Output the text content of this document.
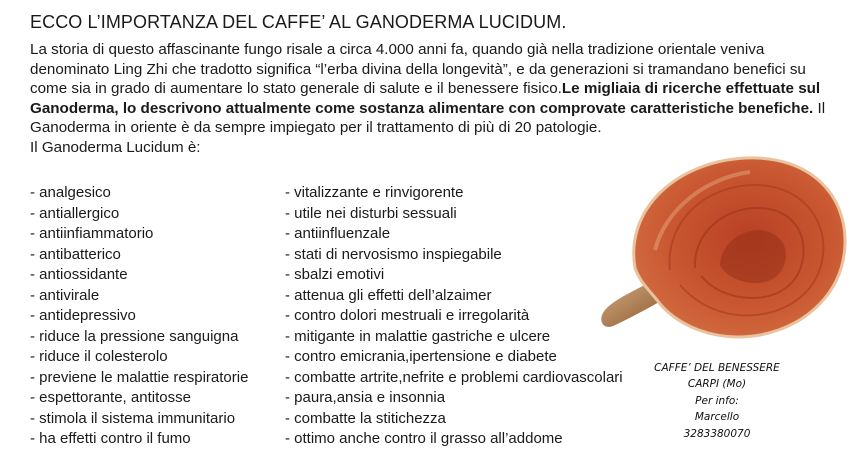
ECCO L’IMPORTANZA DEL CAFFE’ AL GANODERMA LUCIDUM.
La storia di questo affascinante fungo risale a circa 4.000 anni fa, quando già nella tradizione orientale veniva denominato Ling Zhi che tradotto significa “l’erba divina della longevità”, e da generazioni si tramandano benefici su come sia in grado di aumentare lo stato generale di salute e il benessere fisico.Le migliaia di ricerche effettuate sul Ganoderma, lo descrivono attualmente come sostanza alimentare con comprovate caratteristiche benefiche. Il Ganoderma in oriente è da sempre impiegato per il trattamento di più di 20 patologie.
Il Ganoderma Lucidum è:
- analgesico
- antiallergico
- antiinfiammatorio
- antibatterico
- antiossidante
- antivirale
- antidepressivo
- riduce la pressione sanguigna
- riduce il colesterolo
- previene le malattie respiratorie
- espettorante, antitosse
- stimola il sistema immunitario
- ha effetti contro il fumo
- vitalizzante e rinvigorente
- utile nei disturbi sessuali
- antiinfluenzale
- stati di nervosismo inspiegabile
- sbalzi emotivi
- attenua gli effetti dell’alzaimer
- contro dolori mestruali e irregolarità
- mitigante in malattie gastriche e ulcere
- contro emicrania,ipertensione e diabete
- combatte artrite,nefrite e problemi cardiovascolari
- paura,ansia e insonnia
- combatte la stitichezza
- ottimo anche contro il grasso all’addome
CAFFE’ DEL BENESSERE
CARPI (Mo)
Per info:
Marcello
3283380070
